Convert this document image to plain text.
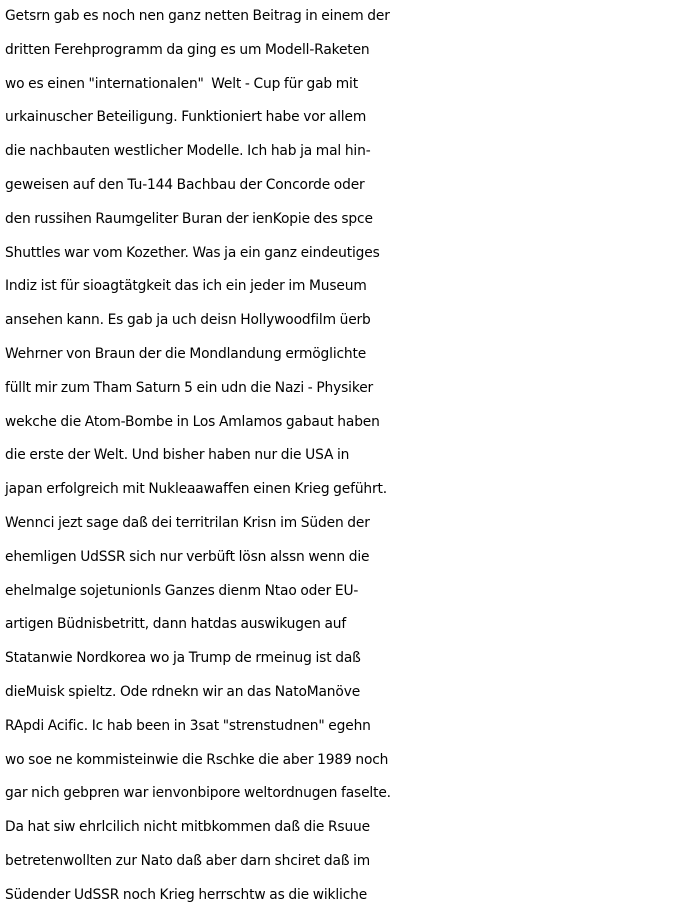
Getsrn gab es noch nen ganz netten Beitrag in einem der
dritten Ferehprogramm da ging es um Modell-Raketen
wo es einen "internationalen"  Welt - Cup für gab mit
urkainuscher Beteiligung. Funktioniert habe vor allem
die nachbauten westlicher Modelle. Ich hab ja mal hin-
geweisen auf den Tu-144 Bachbau der Concorde oder
den russihen Raumgeliter Buran der ienKopie des spce
Shuttles war vom Kozether. Was ja ein ganz eindeutiges
Indiz ist für sioagtätgkeit das ich ein jeder im Museum
ansehen kann. Es gab ja uch deisn Hollywoodfilm üerb
Wehrner von Braun der die Mondlandung ermöglichte
füllt mir zum Tham Saturn 5 ein udn die Nazi - Physiker
wekche die Atom-Bombe in Los Amlamos gabaut haben
die erste der Welt. Und bisher haben nur die USA in
japan erfolgreich mit Nukleaawaffen einen Krieg geführt.
Wennci jezt sage daß dei territrilan Krisn im Süden der
ehemligen UdSSR sich nur verbüft lösn alssn wenn die
ehelmalge sojetunionls Ganzes dienm Ntao oder EU-
artigen Büdnisbetritt, dann hatdas auswikugen auf
Statanwie Nordkorea wo ja Trump de rmeinug ist daß
dieMuisk spieltz. Ode rdnekn wir an das NatoManöve
RApdi Acific. Ic hab been in 3sat "strenstudnen" egehn
wo soe ne kommisteinwie die Rschke die aber 1989 noch
gar nich gebpren war ienvonbipore weltordnugen faselte.
Da hat siw ehrlcilich nicht mitbkommen daß die Rsuue
betretenwollten zur Nato daß aber darn shciret daß im
Südender UdSSR noch Krieg herrschtw as die wikliche
